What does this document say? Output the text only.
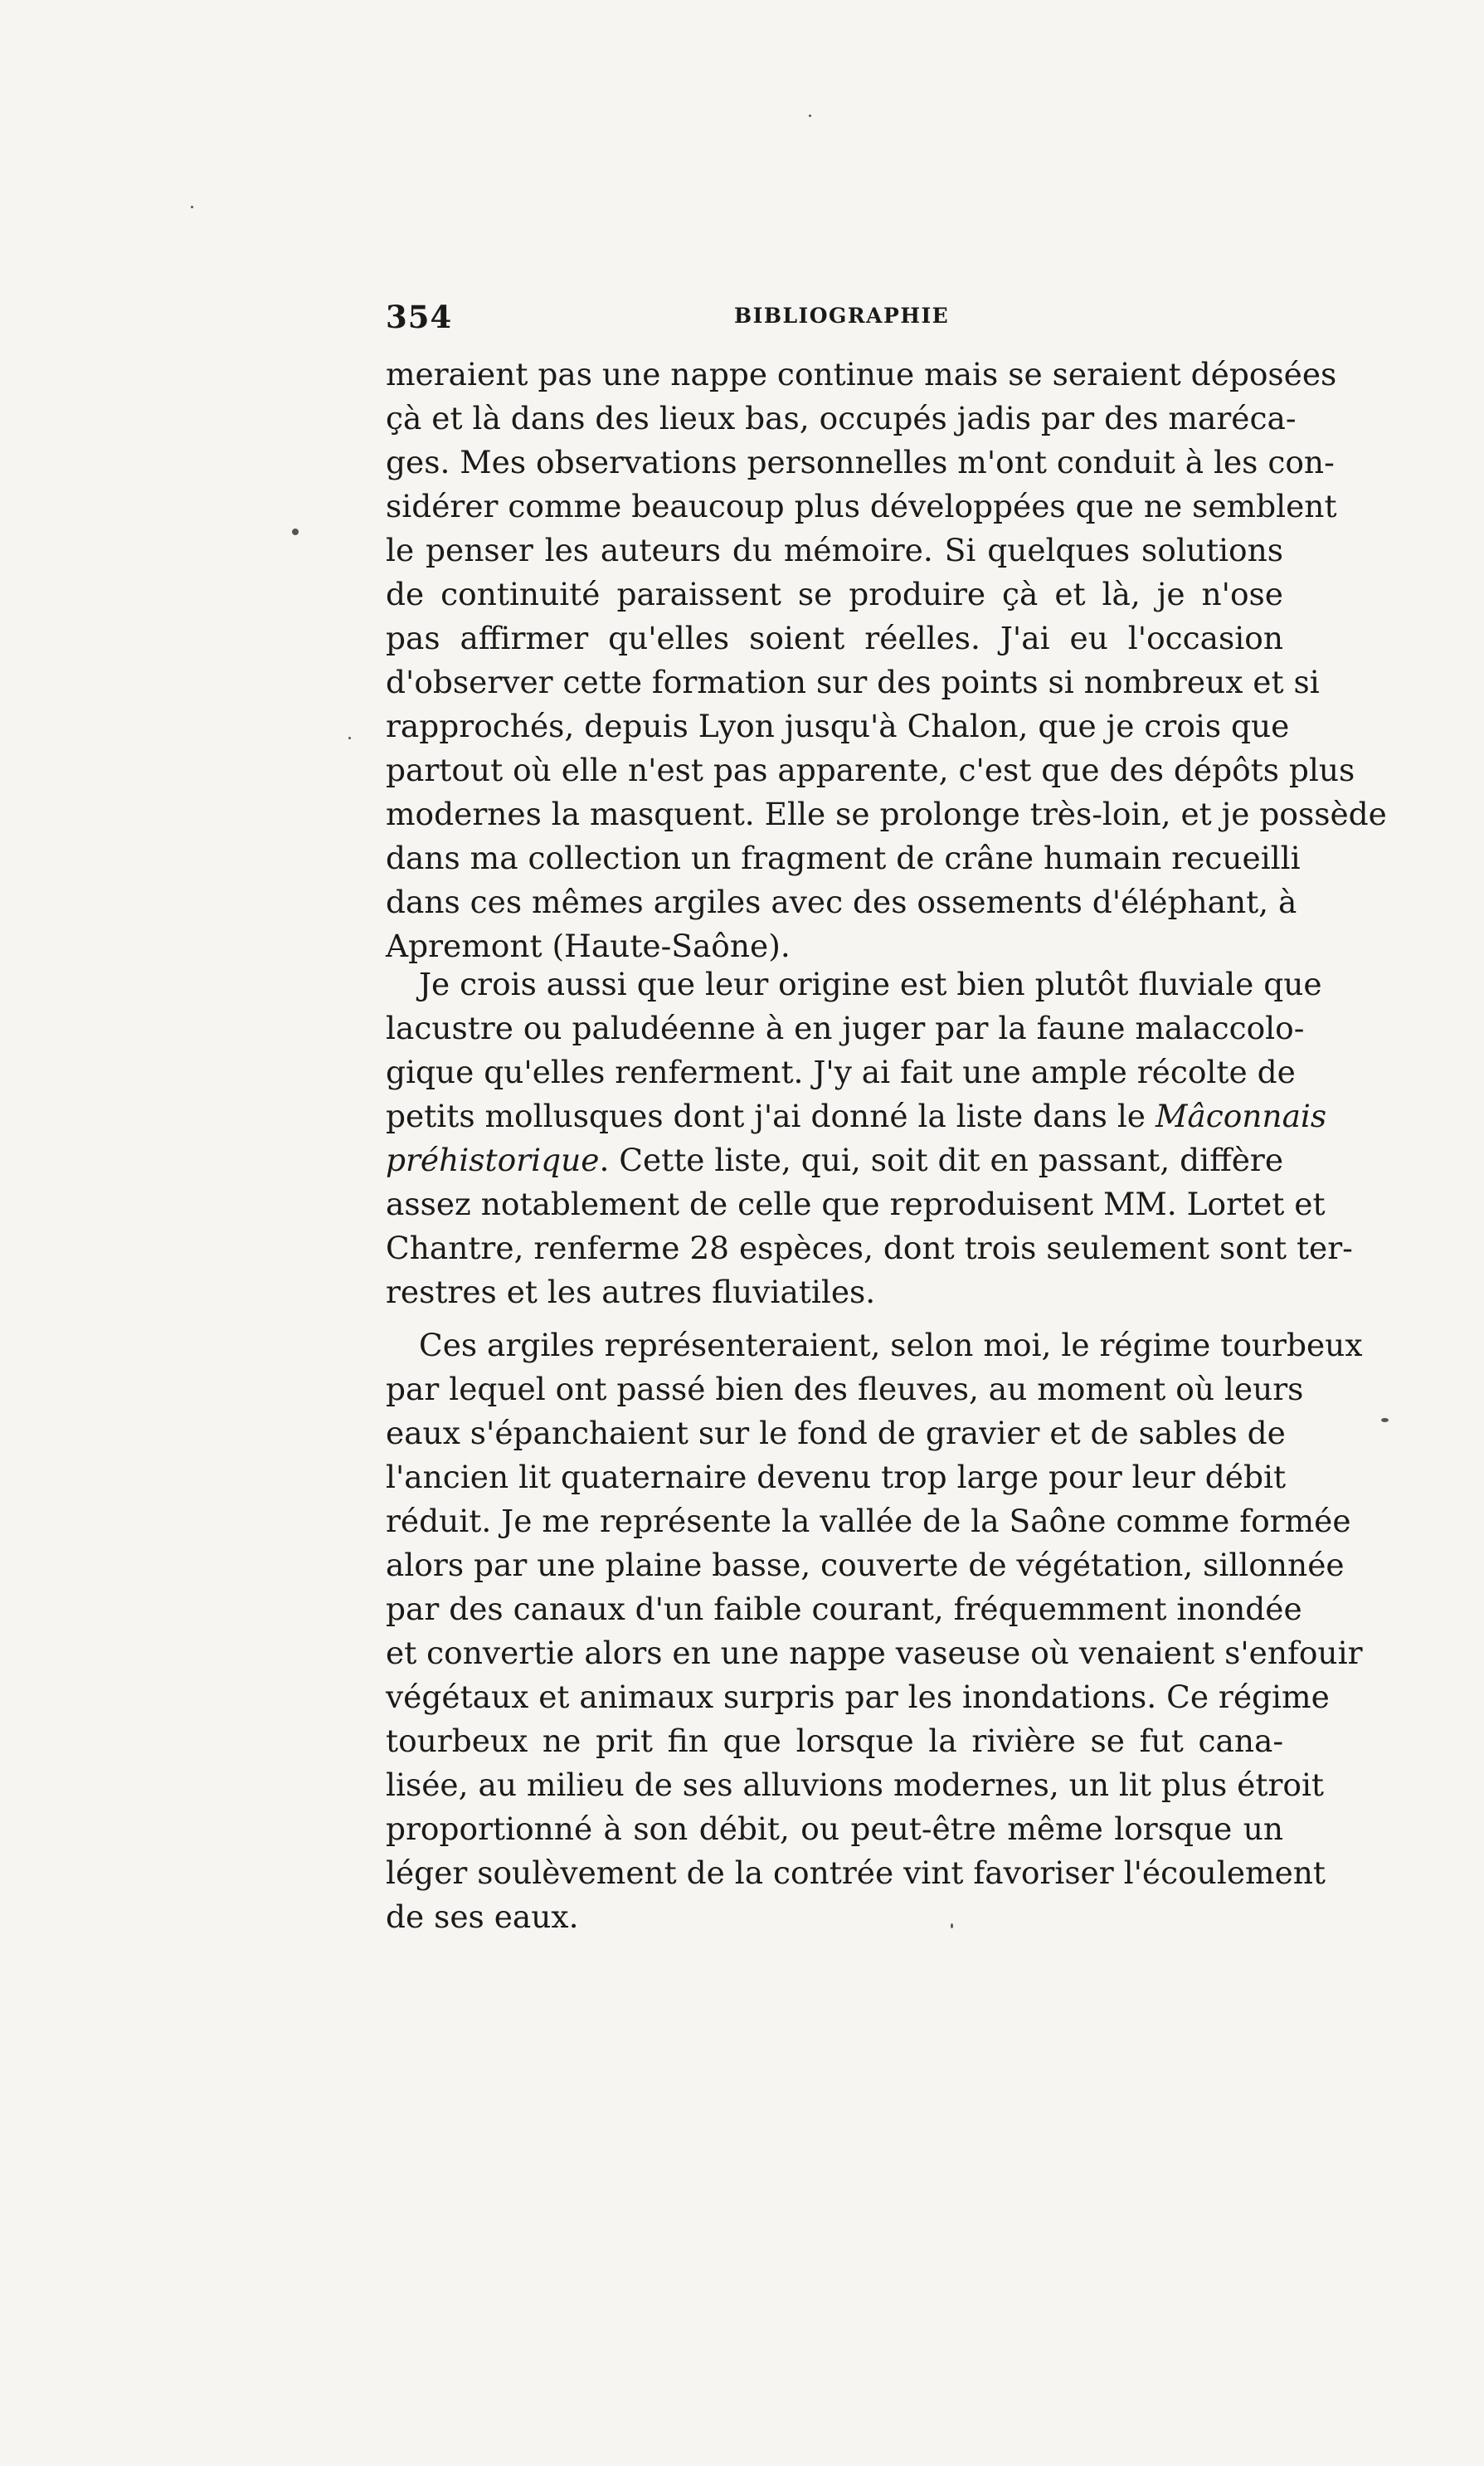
354	BIBLIOGRAPHIE
meraient pas une nappe continue mais se seraient déposées
çà et là dans des lieux bas, occupés jadis par des maréca-
ges. Mes observations personnelles m'ont conduit à les con-
sidérer comme beaucoup plus développées que ne semblent
le penser les auteurs du mémoire. Si quelques solutions
de continuité paraissent se produire çà et là, je n'ose
pas affirmer qu'elles soient réelles. J'ai eu l'occasion
d'observer cette formation sur des points si nombreux et si
rapprochés, depuis Lyon jusqu'à Chalon, que je crois que
partout où elle n'est pas apparente, c'est que des dépôts plus
modernes la masquent. Elle se prolonge très-loin, et je possède
dans ma collection un fragment de crâne humain recueilli
dans ces mêmes argiles avec des ossements d'éléphant, à
Apremont (Haute-Saône).
Je crois aussi que leur origine est bien plutôt fluviale que
lacustre ou paludéenne à en juger par la faune malaccolo-
gique qu'elles renferment. J'y ai fait une ample récolte de
petits mollusques dont j'ai donné la liste dans le Mâconnais
préhistorique. Cette liste, qui, soit dit en passant, diffère
assez notablement de celle que reproduisent MM. Lortet et
Chantre, renferme 28 espèces, dont trois seulement sont ter-
restres et les autres fluviatiles.
Ces argiles représenteraient, selon moi, le régime tourbeux
par lequel ont passé bien des fleuves, au moment où leurs
eaux s'épanchaient sur le fond de gravier et de sables de
l'ancien lit quaternaire devenu trop large pour leur débit
réduit. Je me représente la vallée de la Saône comme formée
alors par une plaine basse, couverte de végétation, sillonnée
par des canaux d'un faible courant, fréquemment inondée
et convertie alors en une nappe vaseuse où venaient s'enfouir
végétaux et animaux surpris par les inondations. Ce régime
tourbeux ne prit fin que lorsque la rivière se fut cana-
lisée, au milieu de ses alluvions modernes, un lit plus étroit
proportionné à son débit, ou peut-être même lorsque un
léger soulèvement de la contrée vint favoriser l'écoulement
de ses eaux.
